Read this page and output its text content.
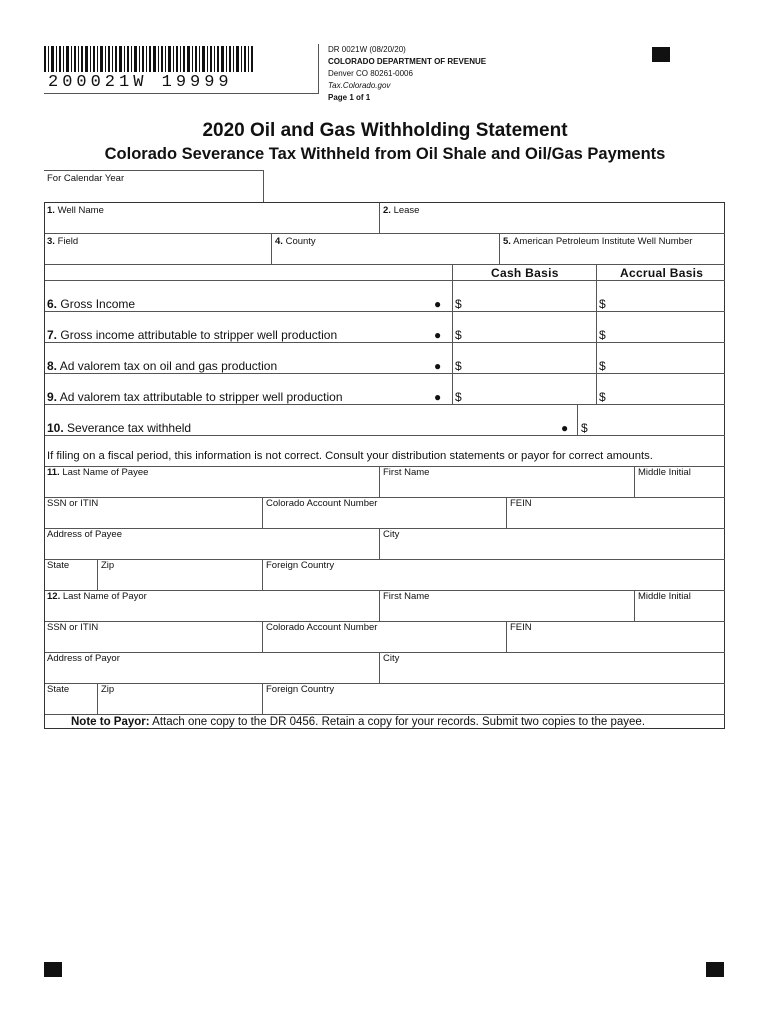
200021W 19999
DR 0021W (08/20/20)
COLORADO DEPARTMENT OF REVENUE
Denver CO 80261-0006
Tax.Colorado.gov
Page 1 of 1
2020 Oil and Gas Withholding Statement
Colorado Severance Tax Withheld from Oil Shale and Oil/Gas Payments
For Calendar Year
1. Well Name	2. Lease
3. Field	4. County	5. American Petroleum Institute Well Number
Cash Basis	Accrual Basis
6. Gross Income	● $	$
7. Gross income attributable to stripper well production	● $	$
8. Ad valorem tax on oil and gas production	● $	$
9. Ad valorem tax attributable to stripper well production	● $	$
10. Severance tax withheld	● $
If filing on a fiscal period, this information is not correct. Consult your distribution statements or payor for correct amounts.
11. Last Name of Payee	First Name	Middle Initial
SSN or ITIN	Colorado Account Number	FEIN
Address of Payee	City
State	Zip	Foreign Country
12. Last Name of Payor	First Name	Middle Initial
SSN or ITIN	Colorado Account Number	FEIN
Address of Payor	City
State	Zip	Foreign Country
Note to Payor: Attach one copy to the DR 0456. Retain a copy for your records. Submit two copies to the payee.
